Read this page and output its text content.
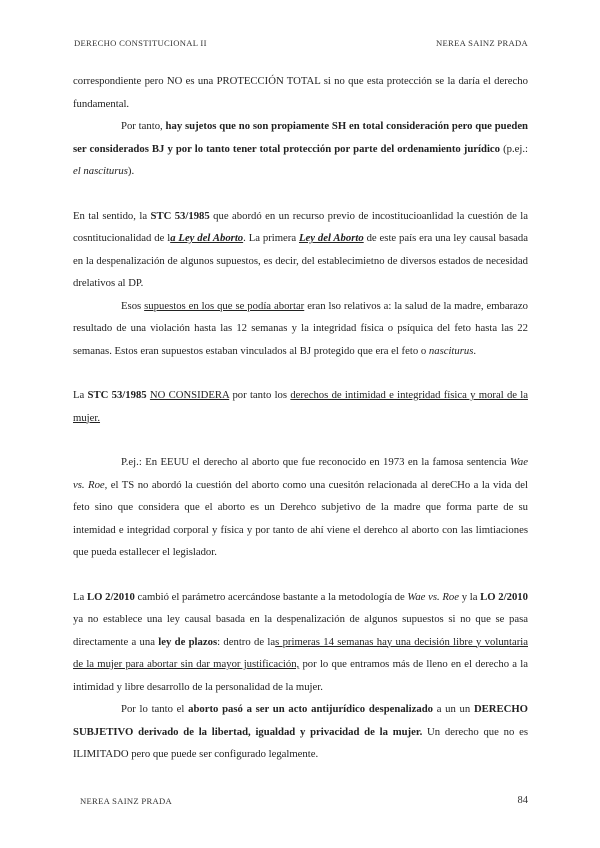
DERECHO CONSTITUCIONAL II	NEREA SAINZ PRADA

correspondiente pero NO es una PROTECCIÓN TOTAL si no que esta protección se la daría el derecho fundamental.

Por tanto, hay sujetos que no son propiamente SH en total consideración pero que pueden ser considerados BJ y por lo tanto tener total protección por parte del ordenamiento jurídico (p.ej.: el nasciturus).

En tal sentido, la STC 53/1985 que abordó en un recurso previo de incostitucioanlidad la cuestión de la cosntitucionalidad de la Ley del Aborto. La primera Ley del Aborto de este país era una ley causal basada en la despenalización de algunos supuestos, es decir, del establecimietno de diversos estados de necesidad drelativos al DP.

Esos supuestos en los que se podía abortar eran lso relativos a: la salud de la madre, embarazo resultado de una violación hasta las 12 semanas y la integridad física o psíquica del feto hasta las 22 semanas. Estos eran supuestos estaban vinculados al BJ protegido que era el feto o nasciturus.

La STC 53/1985 NO CONSIDERA por tanto los derechos de intimidad e integridad física y moral de la mujer.

P.ej.: En EEUU el derecho al aborto que fue reconocido en 1973 en la famosa sentencia Wae vs. Roe, el TS no abordó la cuestión del aborto como una cuesitón relacionada al dereCHo a la vida del feto sino que considera que el aborto es un Derehco subjetivo de la madre que forma parte de su intemidad e integridad corporal y física y por tanto de ahí viene el derehco al aborto con las limtiaciones que pueda estallecer el legislador.

La LO 2/2010 cambió el parámetro acercándose bastante a la metodología de Wae vs. Roe y la LO 2/2010 ya no establece una ley causal basada en la despenalización de algunos supuestos si no que se pasa directamente a una ley de plazos: dentro de las primeras 14 semanas hay una decisión libre y voluntaria de la mujer para abortar sin dar mayor justificación, por lo que entramos más de lleno en el derecho a la intimidad y libre desarrollo de la personalidad de la mujer.

Por lo tanto el aborto pasó a ser un acto antijurídico despenalizado a un un DERECHO SUBJETIVO derivado de la libertad, igualdad y privacidad de la mujer. Un derecho que no es ILIMITADO pero que puede ser configurado legalmente.

NEREA SAINZ PRADA	84
